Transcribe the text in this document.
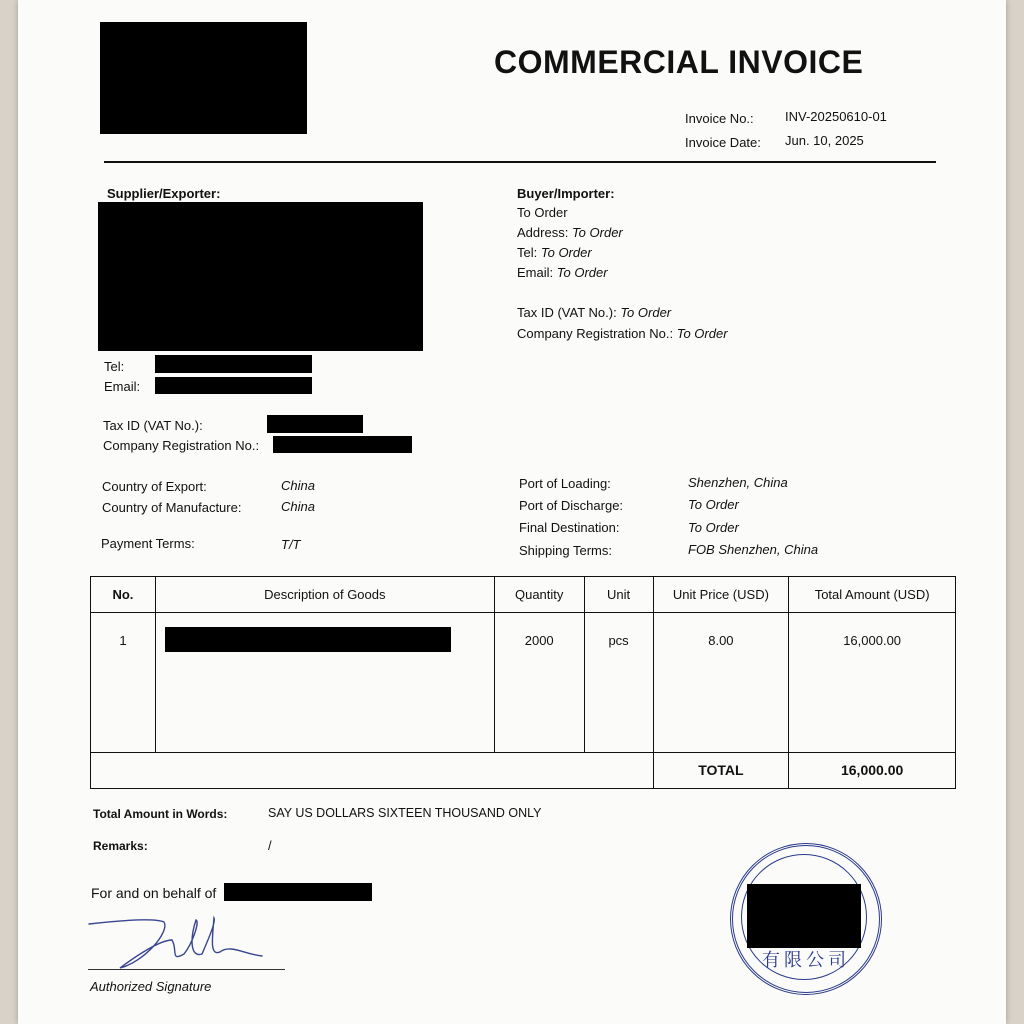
COMMERCIAL INVOICE
Invoice No.: INV-20250610-01
Invoice Date: Jun. 10, 2025
Supplier/Exporter:
Tel:
Email:
Tax ID (VAT No.):
Company Registration No.:
Buyer/Importer:
To Order
Address: To Order
Tel: To Order
Email: To Order
Tax ID (VAT No.): To Order
Company Registration No.: To Order
Country of Export:	China
Country of Manufacture:	China
Payment Terms:	T/T
Port of Loading:	Shenzhen, China
Port of Discharge:	To Order
Final Destination:	To Order
Shipping Terms:	FOB Shenzhen, China
No.	Description of Goods	Quantity	Unit	Unit Price (USD)	Total Amount (USD)
1		2000	pcs	8.00	16,000.00
				TOTAL	16,000.00
Total Amount in Words:	SAY US DOLLARS SIXTEEN THOUSAND ONLY
Remarks:	/
For and on behalf of
Authorized Signature
有限公司
